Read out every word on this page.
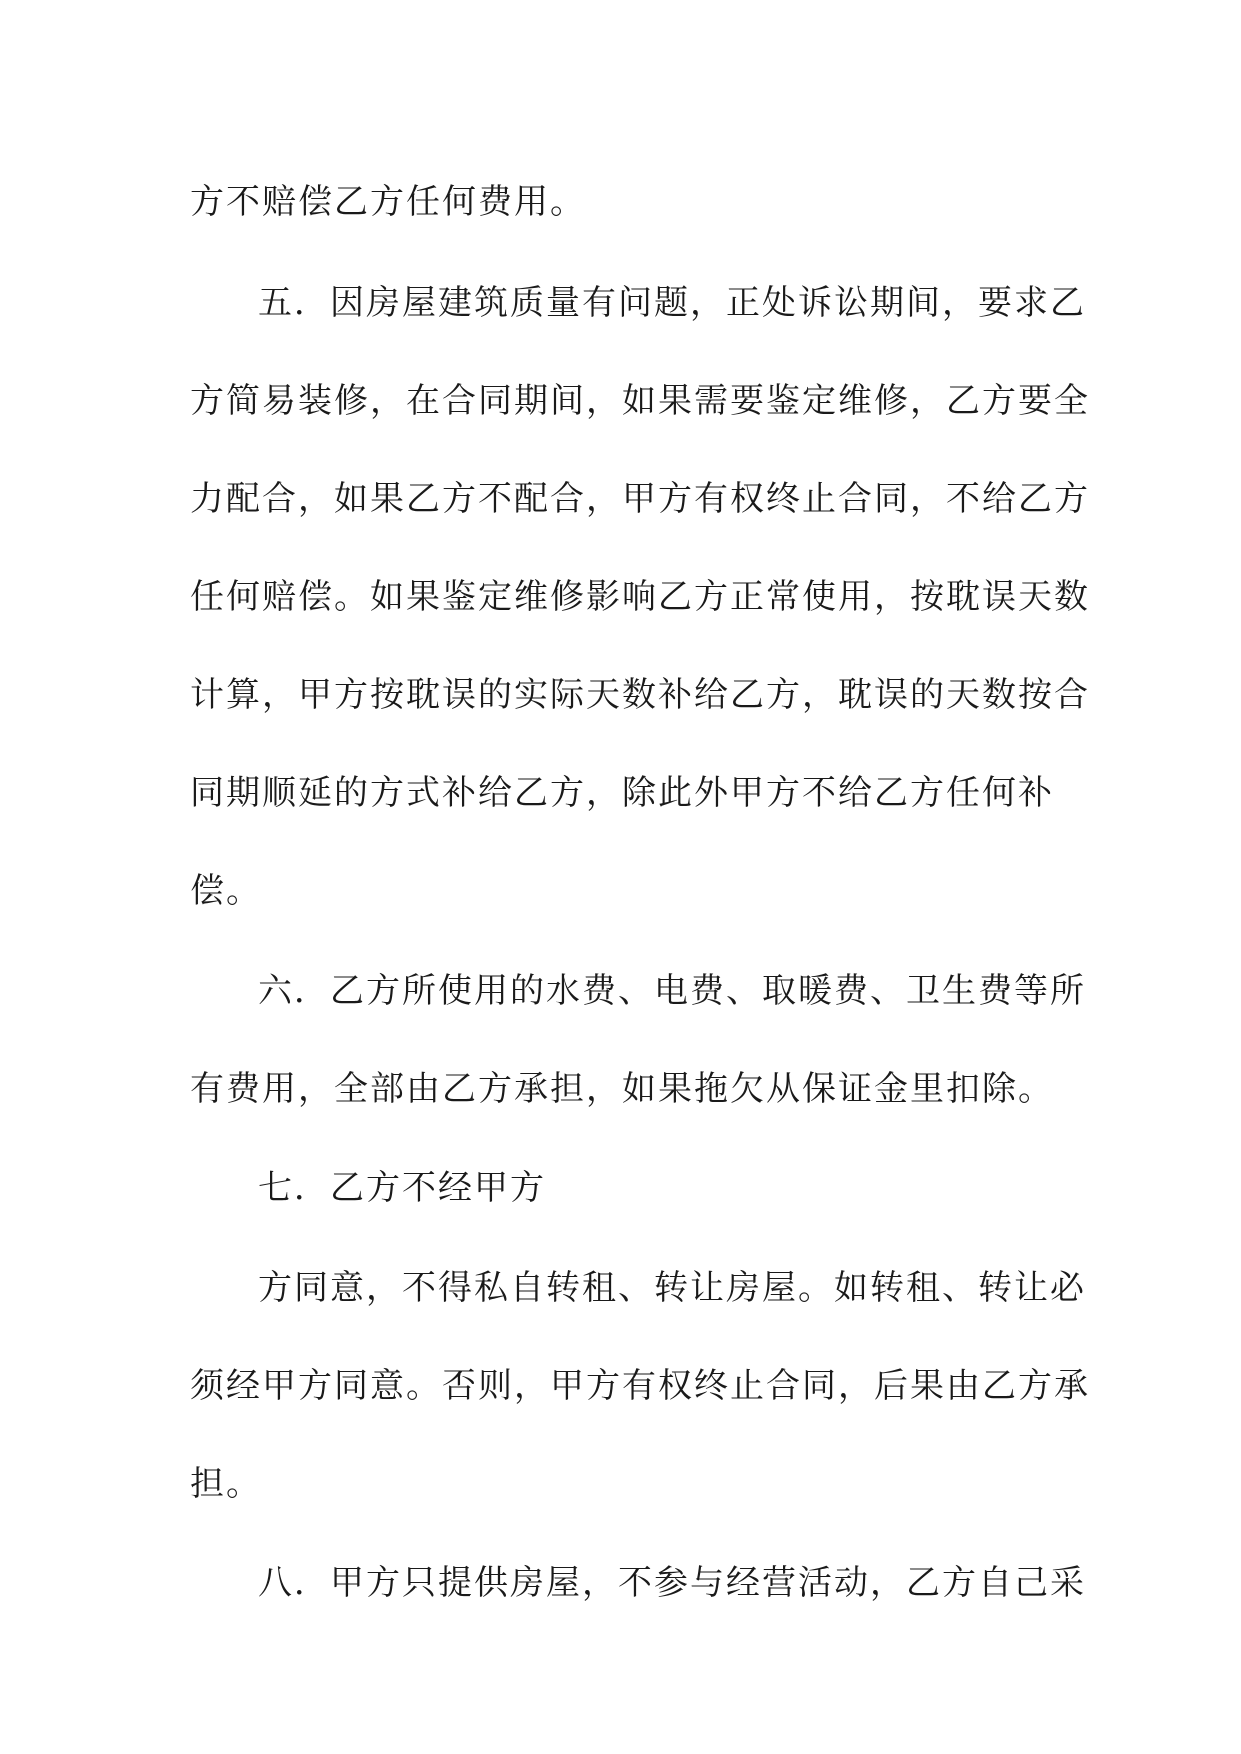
方不赔偿乙方任何费用。
五．因房屋建筑质量有问题，正处诉讼期间，要求乙
方简易装修，在合同期间，如果需要鉴定维修，乙方要全
力配合，如果乙方不配合，甲方有权终止合同，不给乙方
任何赔偿。如果鉴定维修影响乙方正常使用，按耽误天数
计算，甲方按耽误的实际天数补给乙方，耽误的天数按合
同期顺延的方式补给乙方，除此外甲方不给乙方任何补
偿。
六．乙方所使用的水费、电费、取暖费、卫生费等所
有费用，全部由乙方承担，如果拖欠从保证金里扣除。
七．乙方不经甲方
方同意，不得私自转租、转让房屋。如转租、转让必
须经甲方同意。否则，甲方有权终止合同，后果由乙方承
担。
八．甲方只提供房屋，不参与经营活动，乙方自己采
